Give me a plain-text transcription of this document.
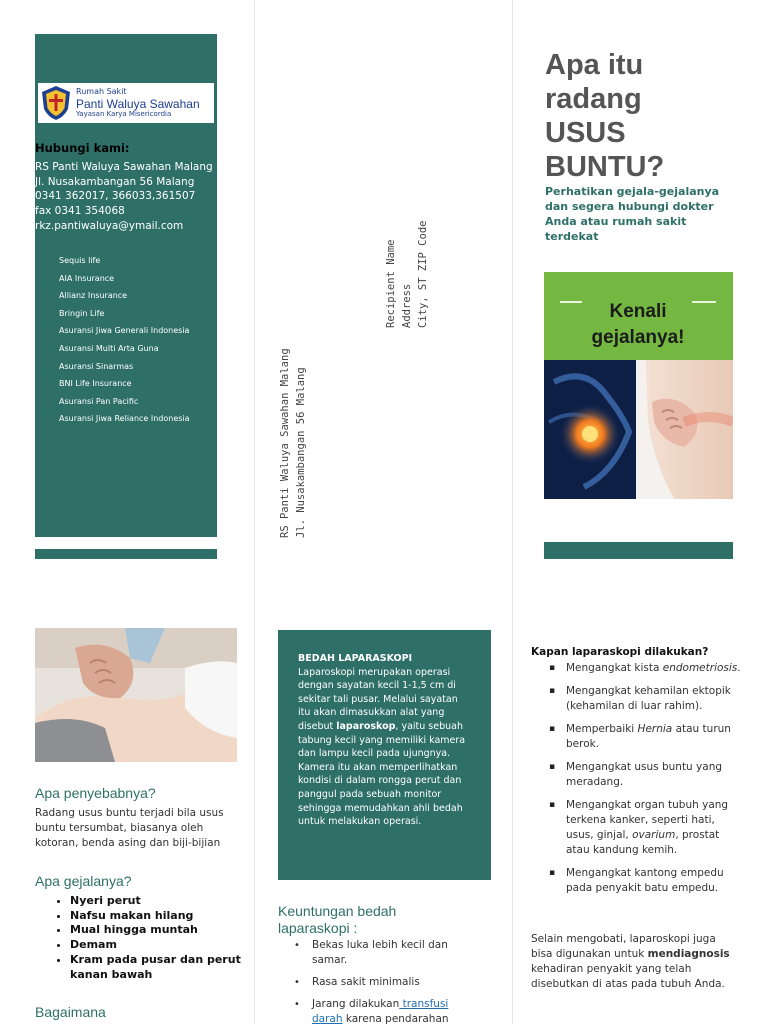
Rumah Sakit
Panti Waluya Sawahan
Yayasan Karya Misericordia
Hubungi kami:
RS Panti Waluya Sawahan Malang
Jl. Nusakambangan 56 Malang
0341 362017, 366033,361507
fax 0341 354068
rkz.pantiwaluya@ymail.com
Sequis life
AIA Insurance
Allianz Insurance
Bringin Life
Asuransi Jiwa Generali Indonesia
Asuransi Multi Arta Guna
Asuransi Sinarmas
BNI Life Insurance
Asuransi Pan Pacific
Asuransi Jiwa Reliance Indonesia	RS Panti Waluya Sawahan Malang Jl. Nusakambangan 56 Malang
Recipient Name Address City, ST ZIP Code
Apa itu
radang
USUS
BUNTU?
Perhatikan gejala-gejalanya dan segera hubungi dokter Anda atau rumah sakit terdekat
Kenali
gejalanya!
Apa penyebabnya?
Radang usus buntu terjadi bila usus buntu tersumbat, biasanya oleh kotoran, benda asing dan biji-bijian
Apa gejalanya?
• Nyeri perut
• Nafsu makan hilang
• Mual hingga muntah
• Demam
• Kram pada pusar dan perut kanan bawah
Bagaimana
BEDAH LAPARASKOPI
Laparoskopi merupakan operasi dengan sayatan kecil 1-1,5 cm di sekitar tali pusar. Melalui sayatan itu akan dimasukkan alat yang disebut laparoskop, yaitu sebuah tabung kecil yang memiliki kamera dan lampu kecil pada ujungnya. Kamera itu akan memperlihatkan kondisi di dalam rongga perut dan panggul pada sebuah monitor sehingga memudahkan ahli bedah untuk melakukan operasi.
Keuntungan bedah laparaskopi :
• Bekas luka lebih kecil dan samar.
• Rasa sakit minimalis
• Jarang dilakukan transfusi darah karena pendarahan
Kapan laparaskopi dilakukan?
▪ Mengangkat kista endometriosis.
▪ Mengangkat kehamilan ektopik (kehamilan di luar rahim).
▪ Memperbaiki Hernia atau turun berok.
▪ Mengangkat usus buntu yang meradang.
▪ Mengangkat organ tubuh yang terkena kanker, seperti hati, usus, ginjal, ovarium, prostat atau kandung kemih.
▪ Mengangkat kantong empedu pada penyakit batu empedu.
Selain mengobati, laparoskopi juga bisa digunakan untuk mendiagnosis kehadiran penyakit yang telah disebutkan di atas pada tubuh Anda.
